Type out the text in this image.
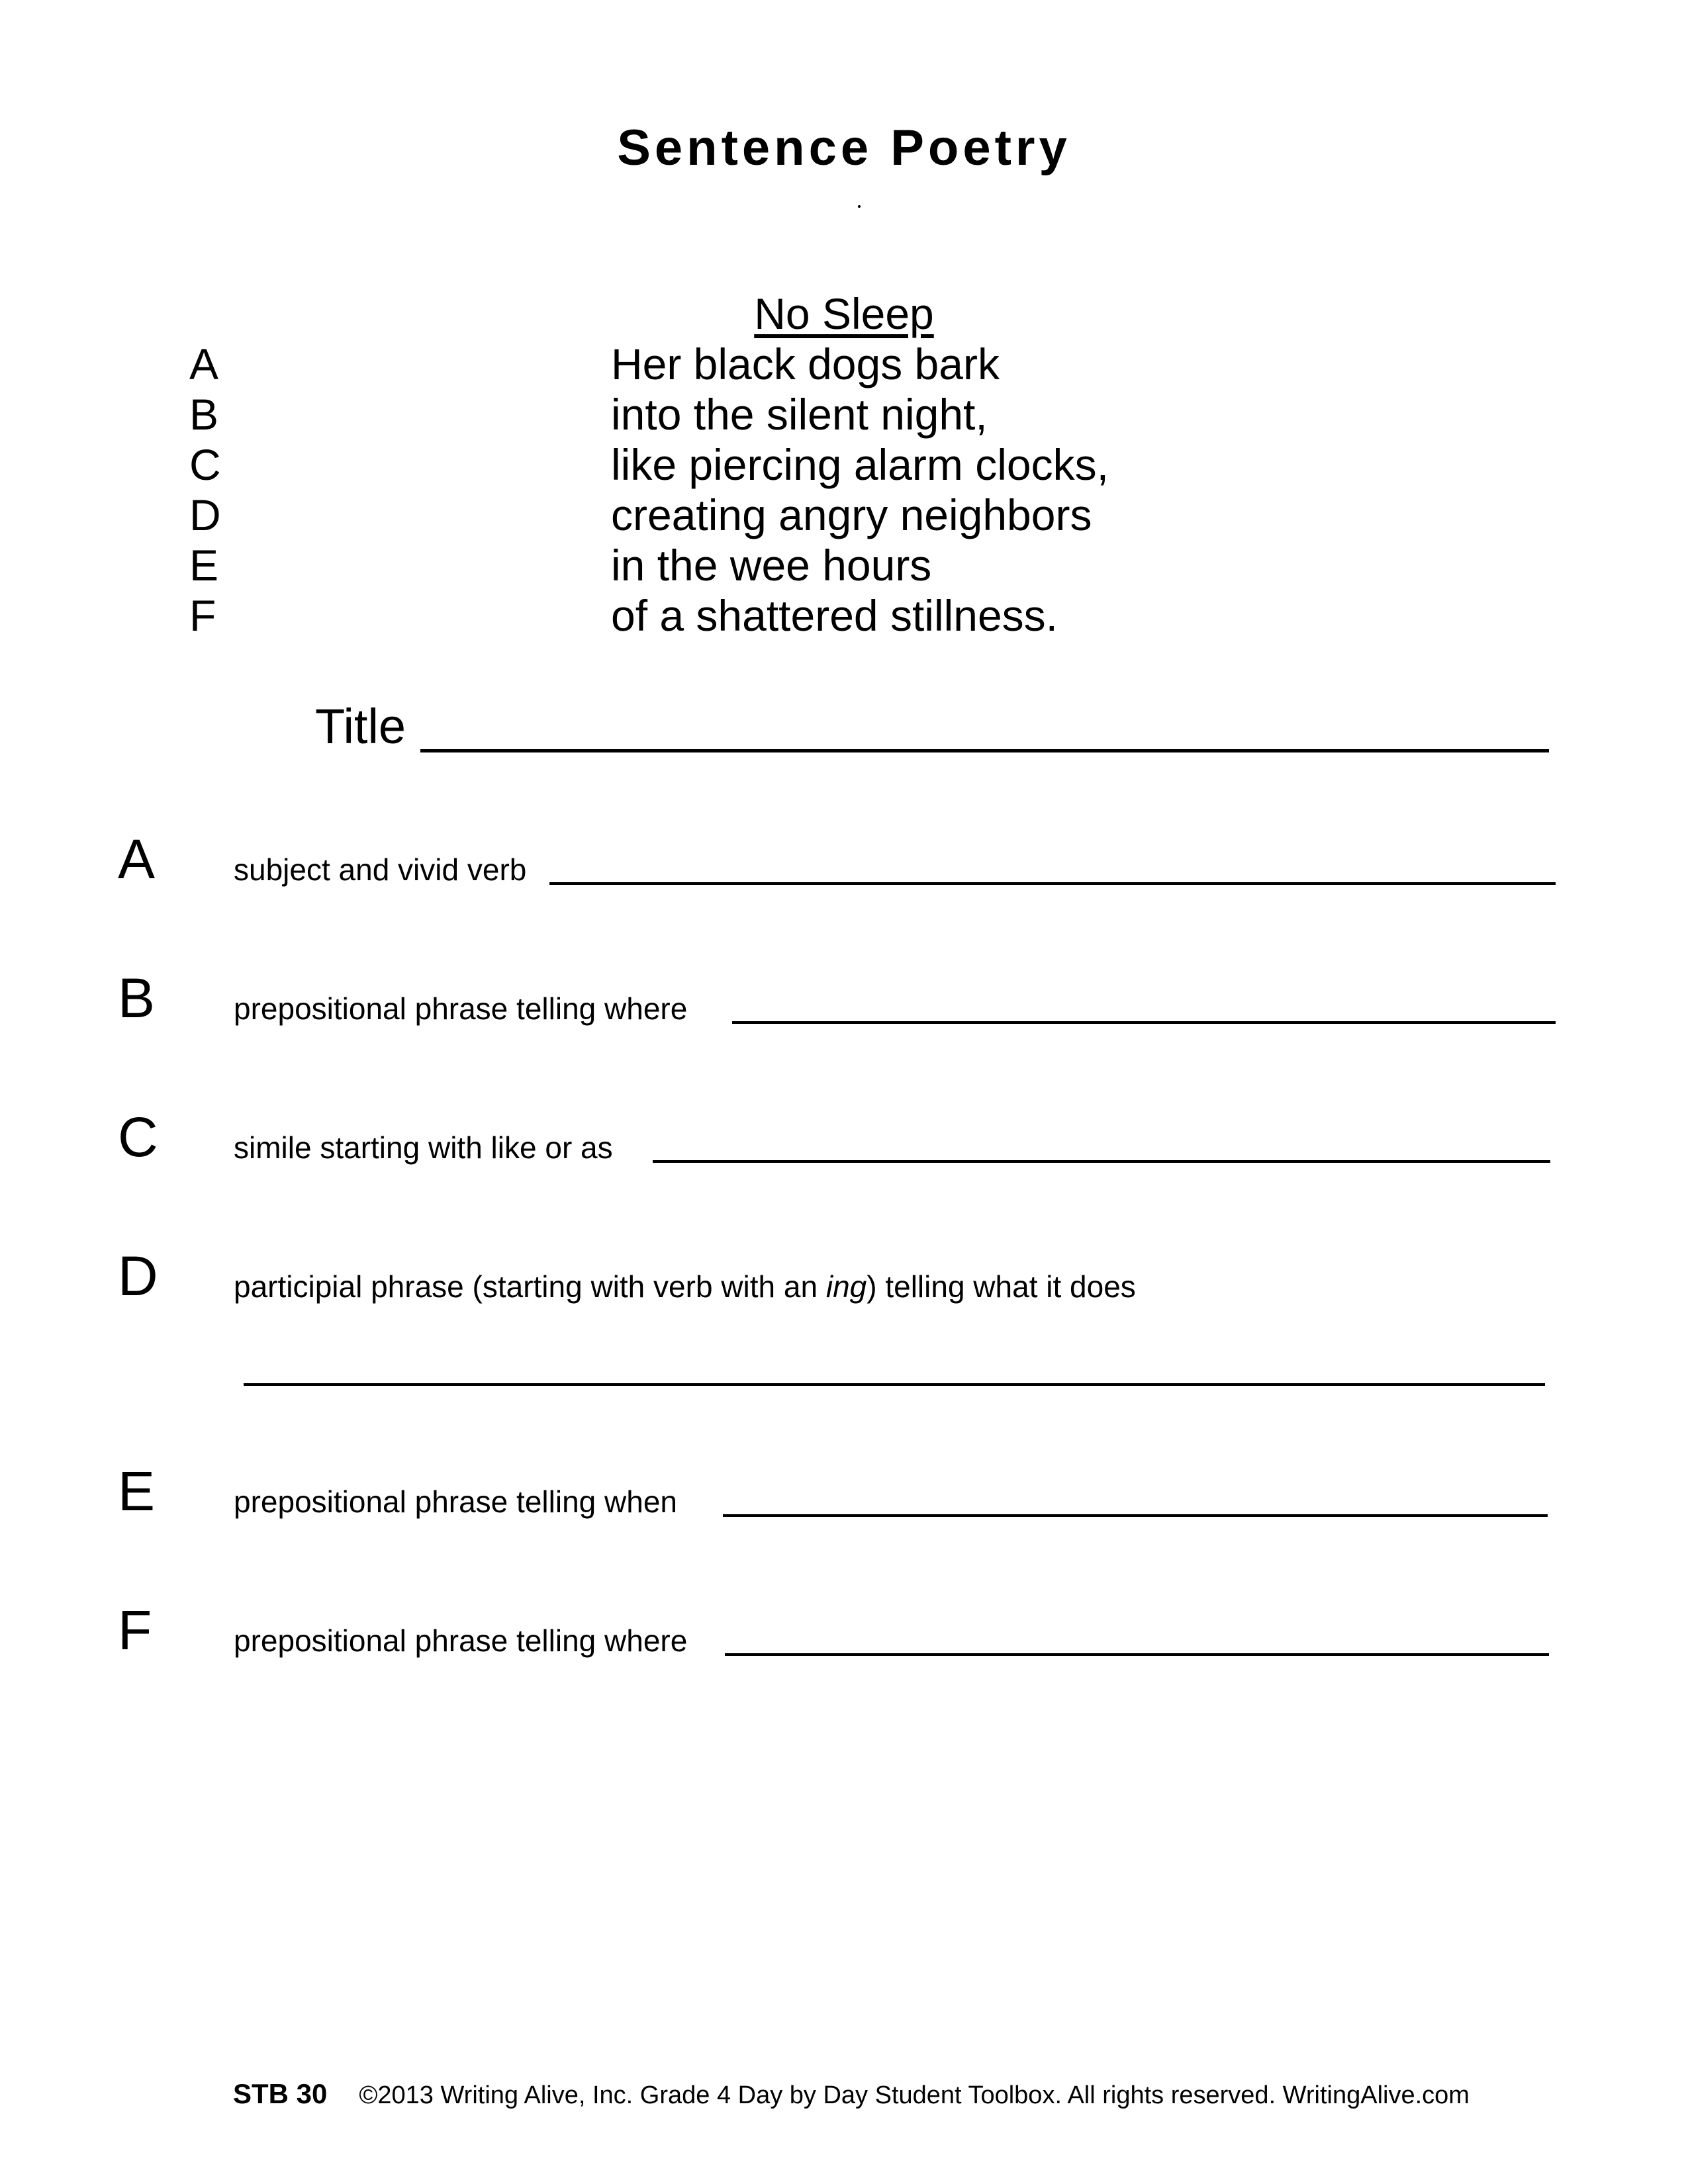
Sentence Poetry
No Sleep
A	Her black dogs bark
B	into the silent night,
C	like piercing alarm clocks,
D	creating angry neighbors
E	in the wee hours
F	of a shattered stillness.
Title
A	subject and vivid verb
B	prepositional phrase telling where
C	simile starting with like or as
D	participial phrase (starting with verb with an ing) telling what it does
E	prepositional phrase telling when
F	prepositional phrase telling where
STB 30 ©2013 Writing Alive, Inc. Grade 4 Day by Day Student Toolbox. All rights reserved. WritingAlive.com
